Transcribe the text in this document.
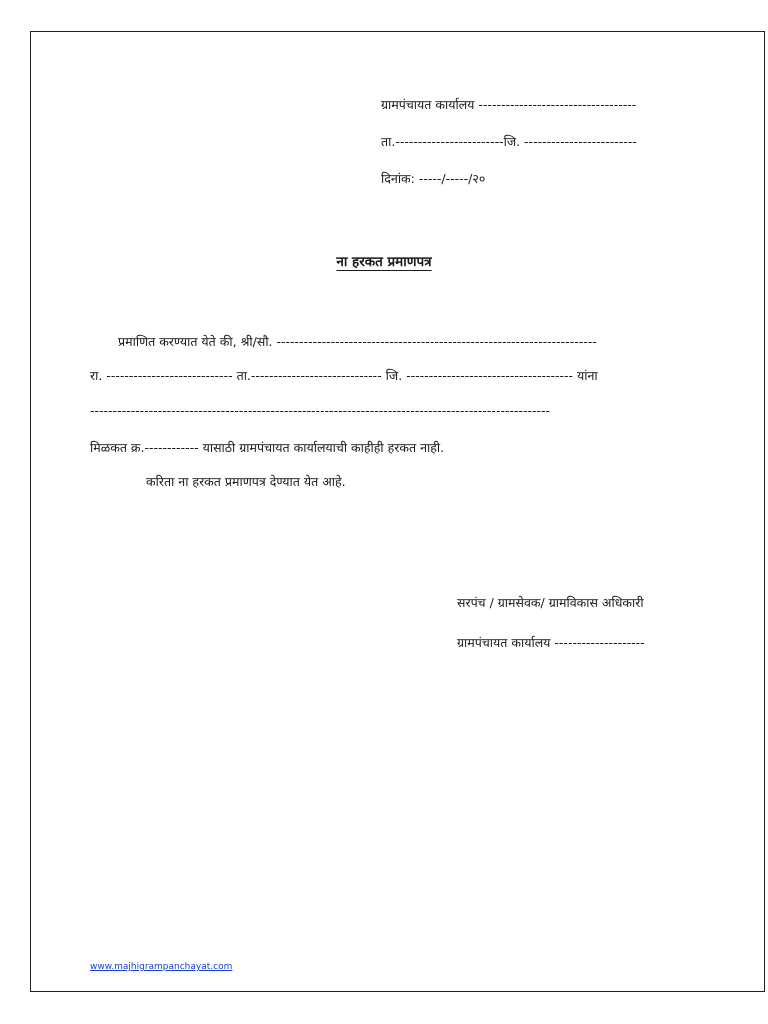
ग्रामपंचायत कार्यालय -----------------------------------
ता.------------------------जि. -------------------------
दिनांक: -----/-----/२०
ना हरकत प्रमाणपत्र
प्रमाणित करण्यात येते की, श्री/सौ. -----------------------------------------------------------------------
रा. ---------------------------- ता.----------------------------- जि. ------------------------------------- यांना
------------------------------------------------------------------------------------------------------
मिळकत क्र.------------ यासाठी ग्रामपंचायत कार्यालयाची काहीही हरकत नाही.
करिता ना हरकत प्रमाणपत्र देण्यात येत आहे.
सरपंच / ग्रामसेवक/ ग्रामविकास अधिकारी
ग्रामपंचायत कार्यालय --------------------
www.majhigrampanchayat.com
